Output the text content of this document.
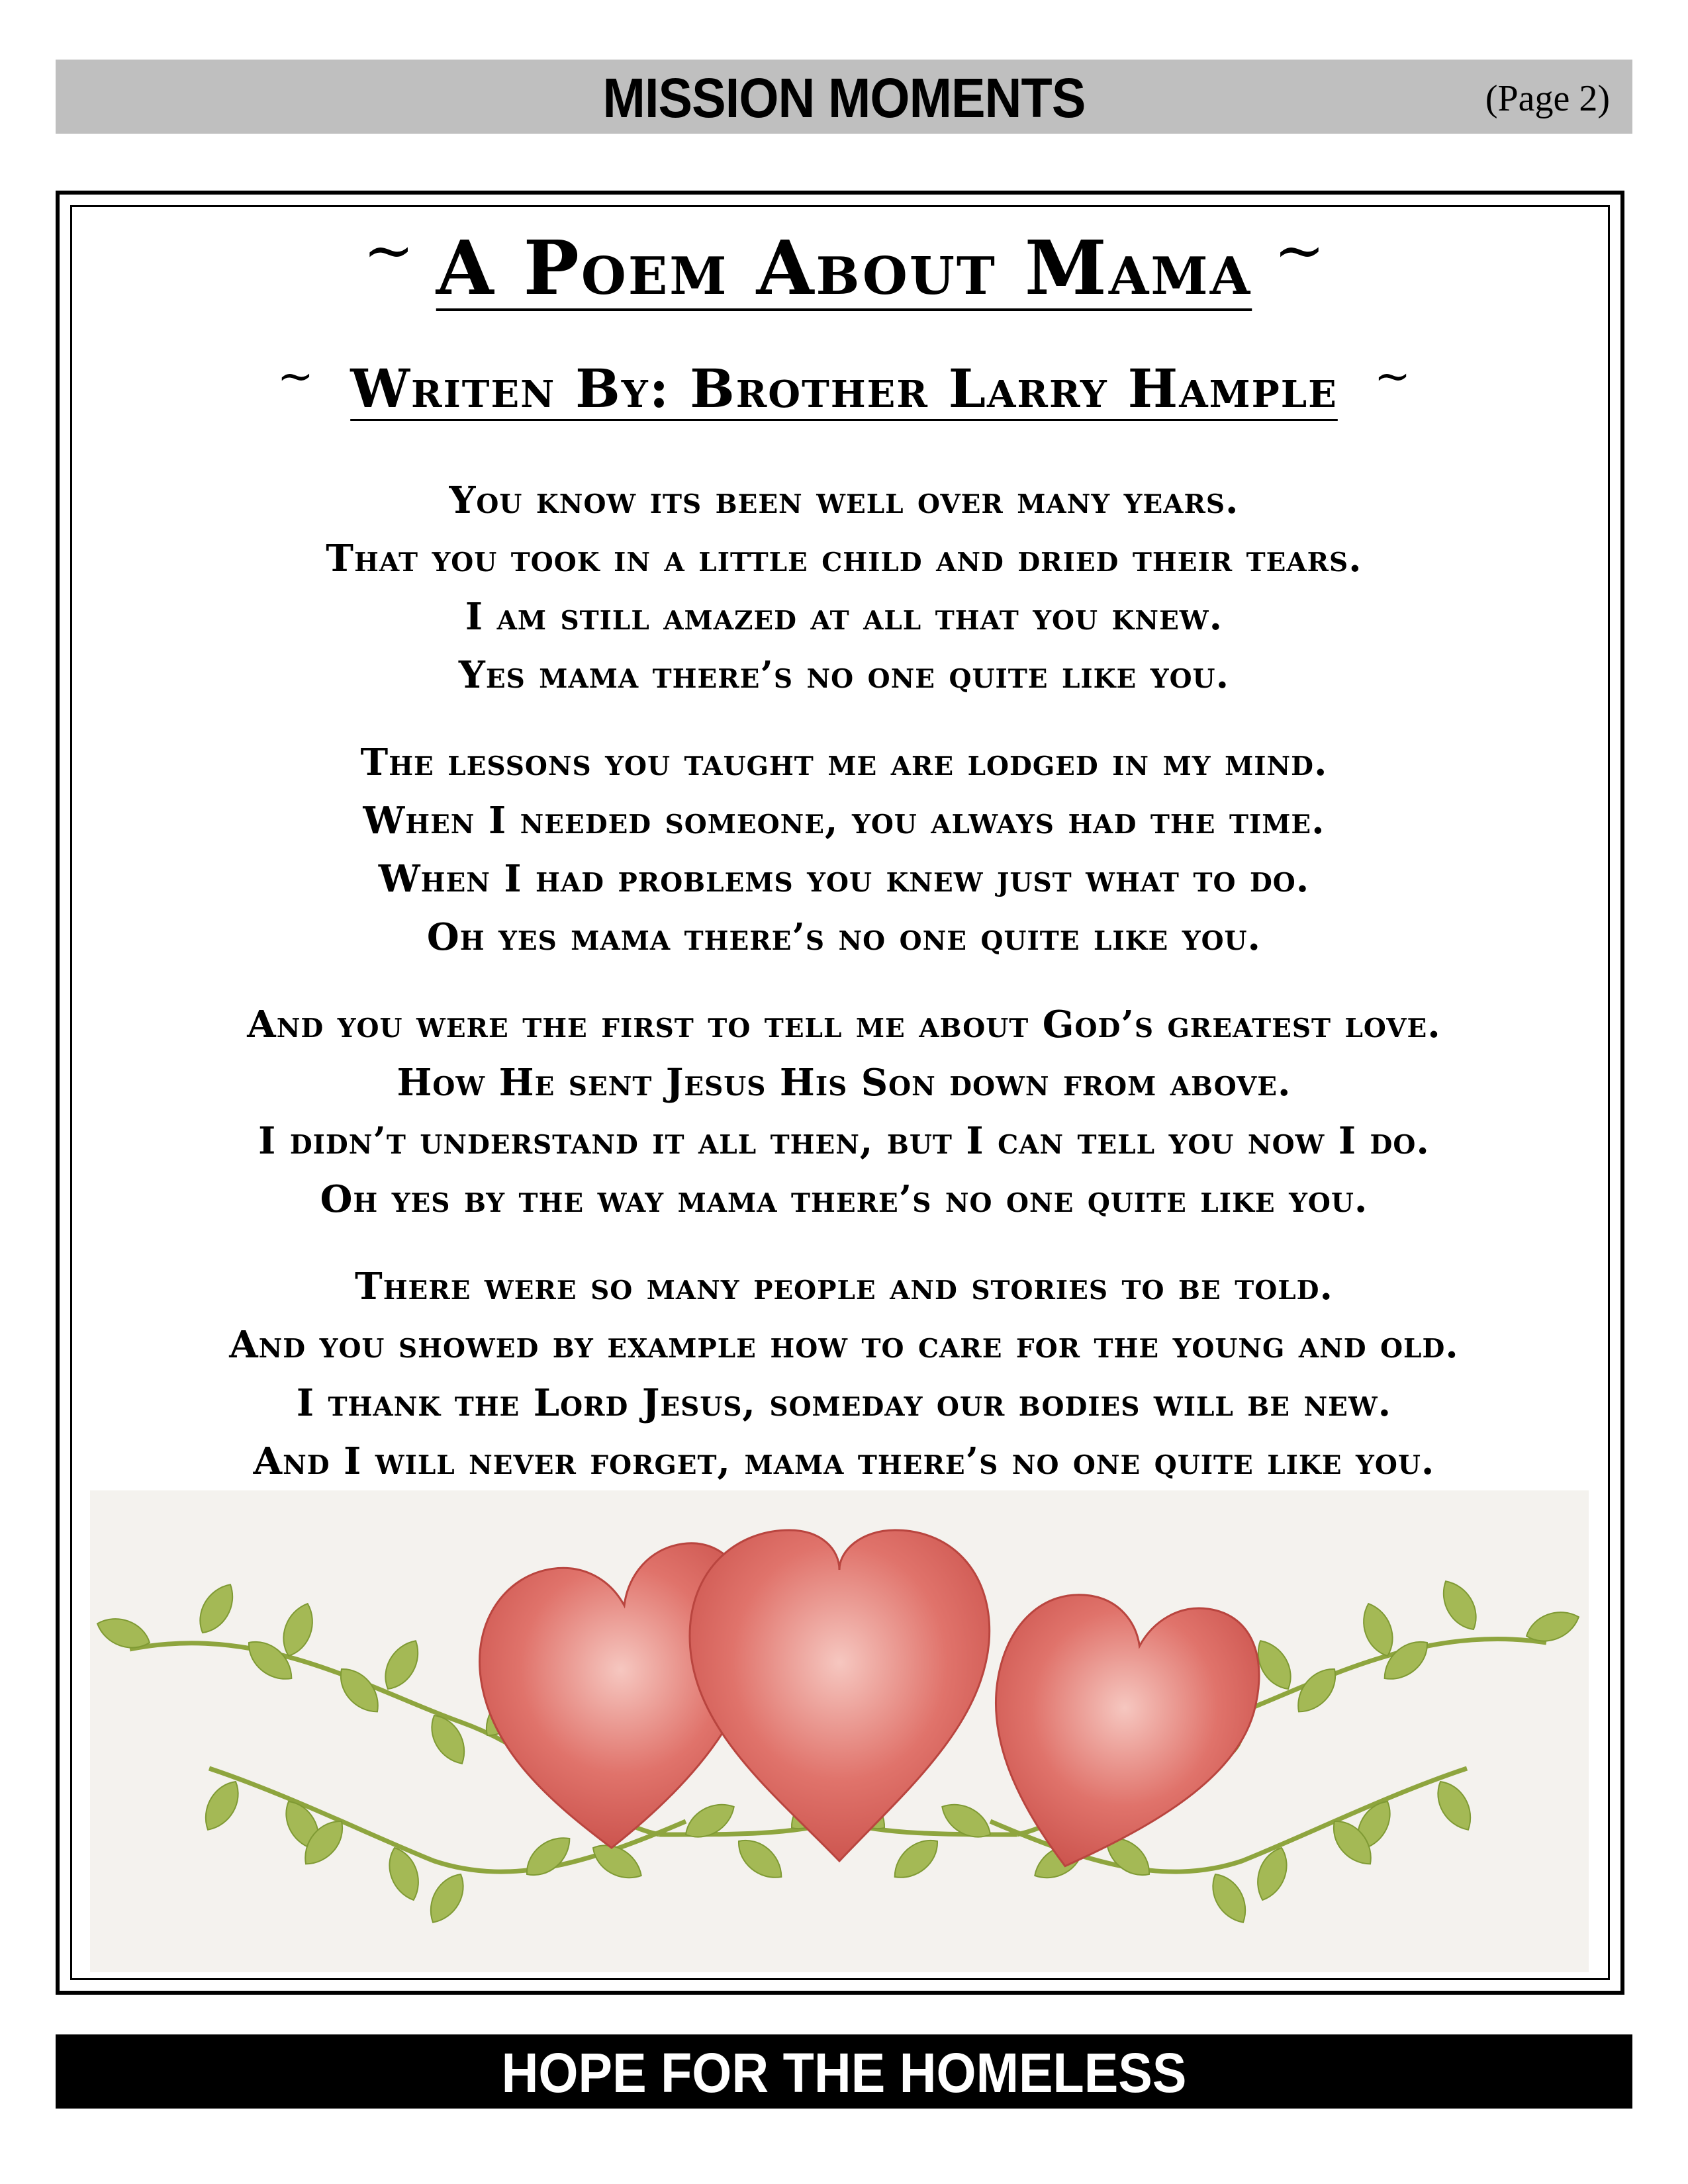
MISSION MOMENTS	(Page 2)
~ A Poem About Mama ~
~ Writen By: Brother Larry Hample ~
You know its been well over many years.
That you took in a little child and dried their tears.
I am still amazed at all that you knew.
Yes mama there’s no one quite like you.
The lessons you taught me are lodged in my mind.
When I needed someone, you always had the time.
When I had problems you knew just what to do.
Oh yes mama there’s no one quite like you.
And you were the first to tell me about God’s greatest love.
How He sent Jesus His Son down from above.
I didn’t understand it all then, but I can tell you now I do.
Oh yes by the way mama there’s no one quite like you.
There were so many people and stories to be told.
And you showed by example how to care for the young and old.
I thank the Lord Jesus, someday our bodies will be new.
And I will never forget, mama there’s no one quite like you.
HOPE FOR THE HOMELESS
